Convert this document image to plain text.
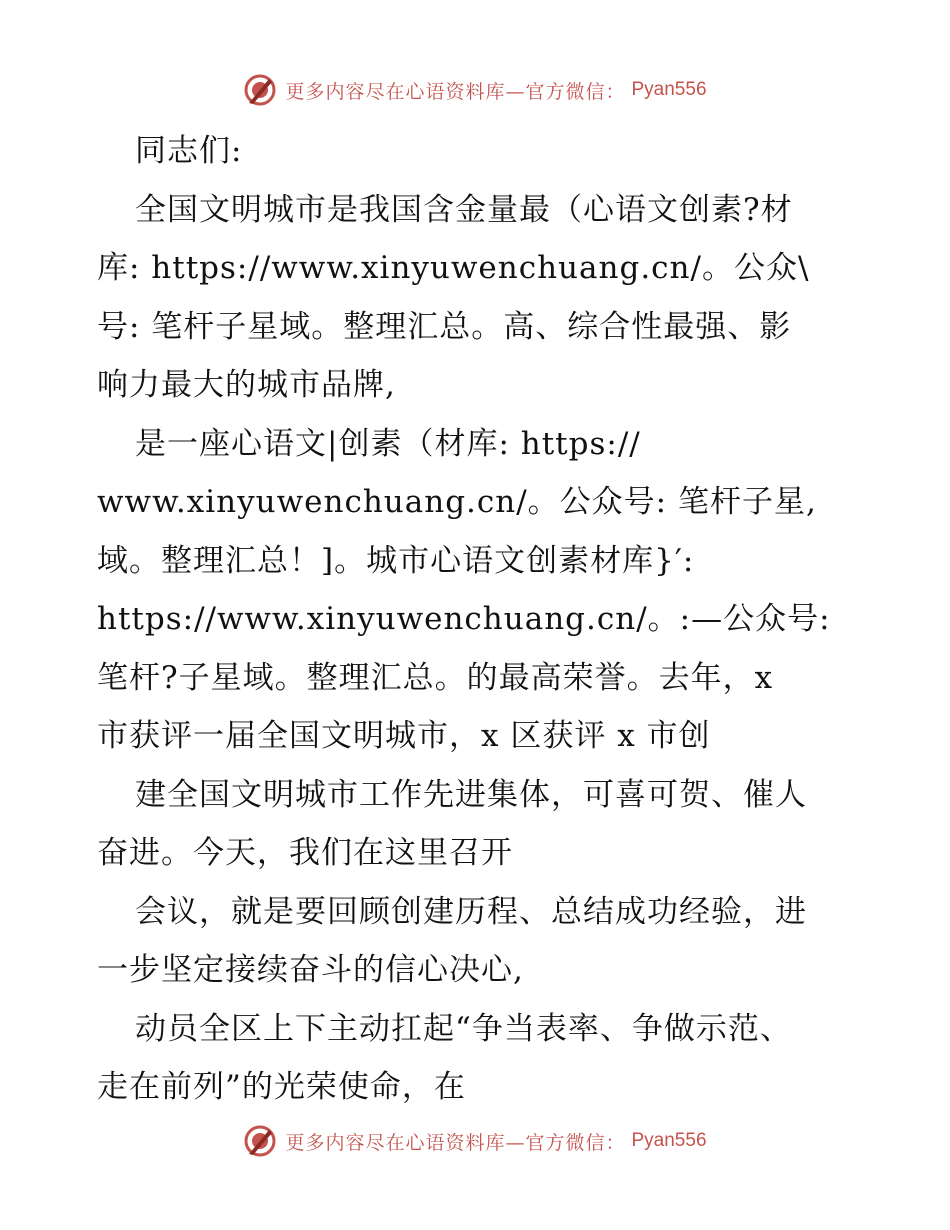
更多内容尽在心语资料库—官方微信： Pyan556
同志们:
全国文明城市是我国含金量最（心语文创素?材
库: https://www.xinyuwenchuang.cn/。公众\
号: 笔杆子星域。整理汇总。高、综合性最强、影
响力最大的城市品牌,
是一座心语文|创素（材库: https://
www.xinyuwenchuang.cn/。公众号: 笔杆子星,
域。整理汇总！]。城市心语文创素材库}′:
https://www.xinyuwenchuang.cn/。:—公众号:
笔杆?子星域。整理汇总。的最高荣誉。去年，x
市获评一届全国文明城市，x 区获评 x 市创
建全国文明城市工作先进集体，可喜可贺、催人
奋进。今天，我们在这里召开
会议，就是要回顾创建历程、总结成功经验，进
一步坚定接续奋斗的信心决心,
动员全区上下主动扛起“争当表率、争做示范、
走在前列”的光荣使命，在
更多内容尽在心语资料库—官方微信： Pyan556
